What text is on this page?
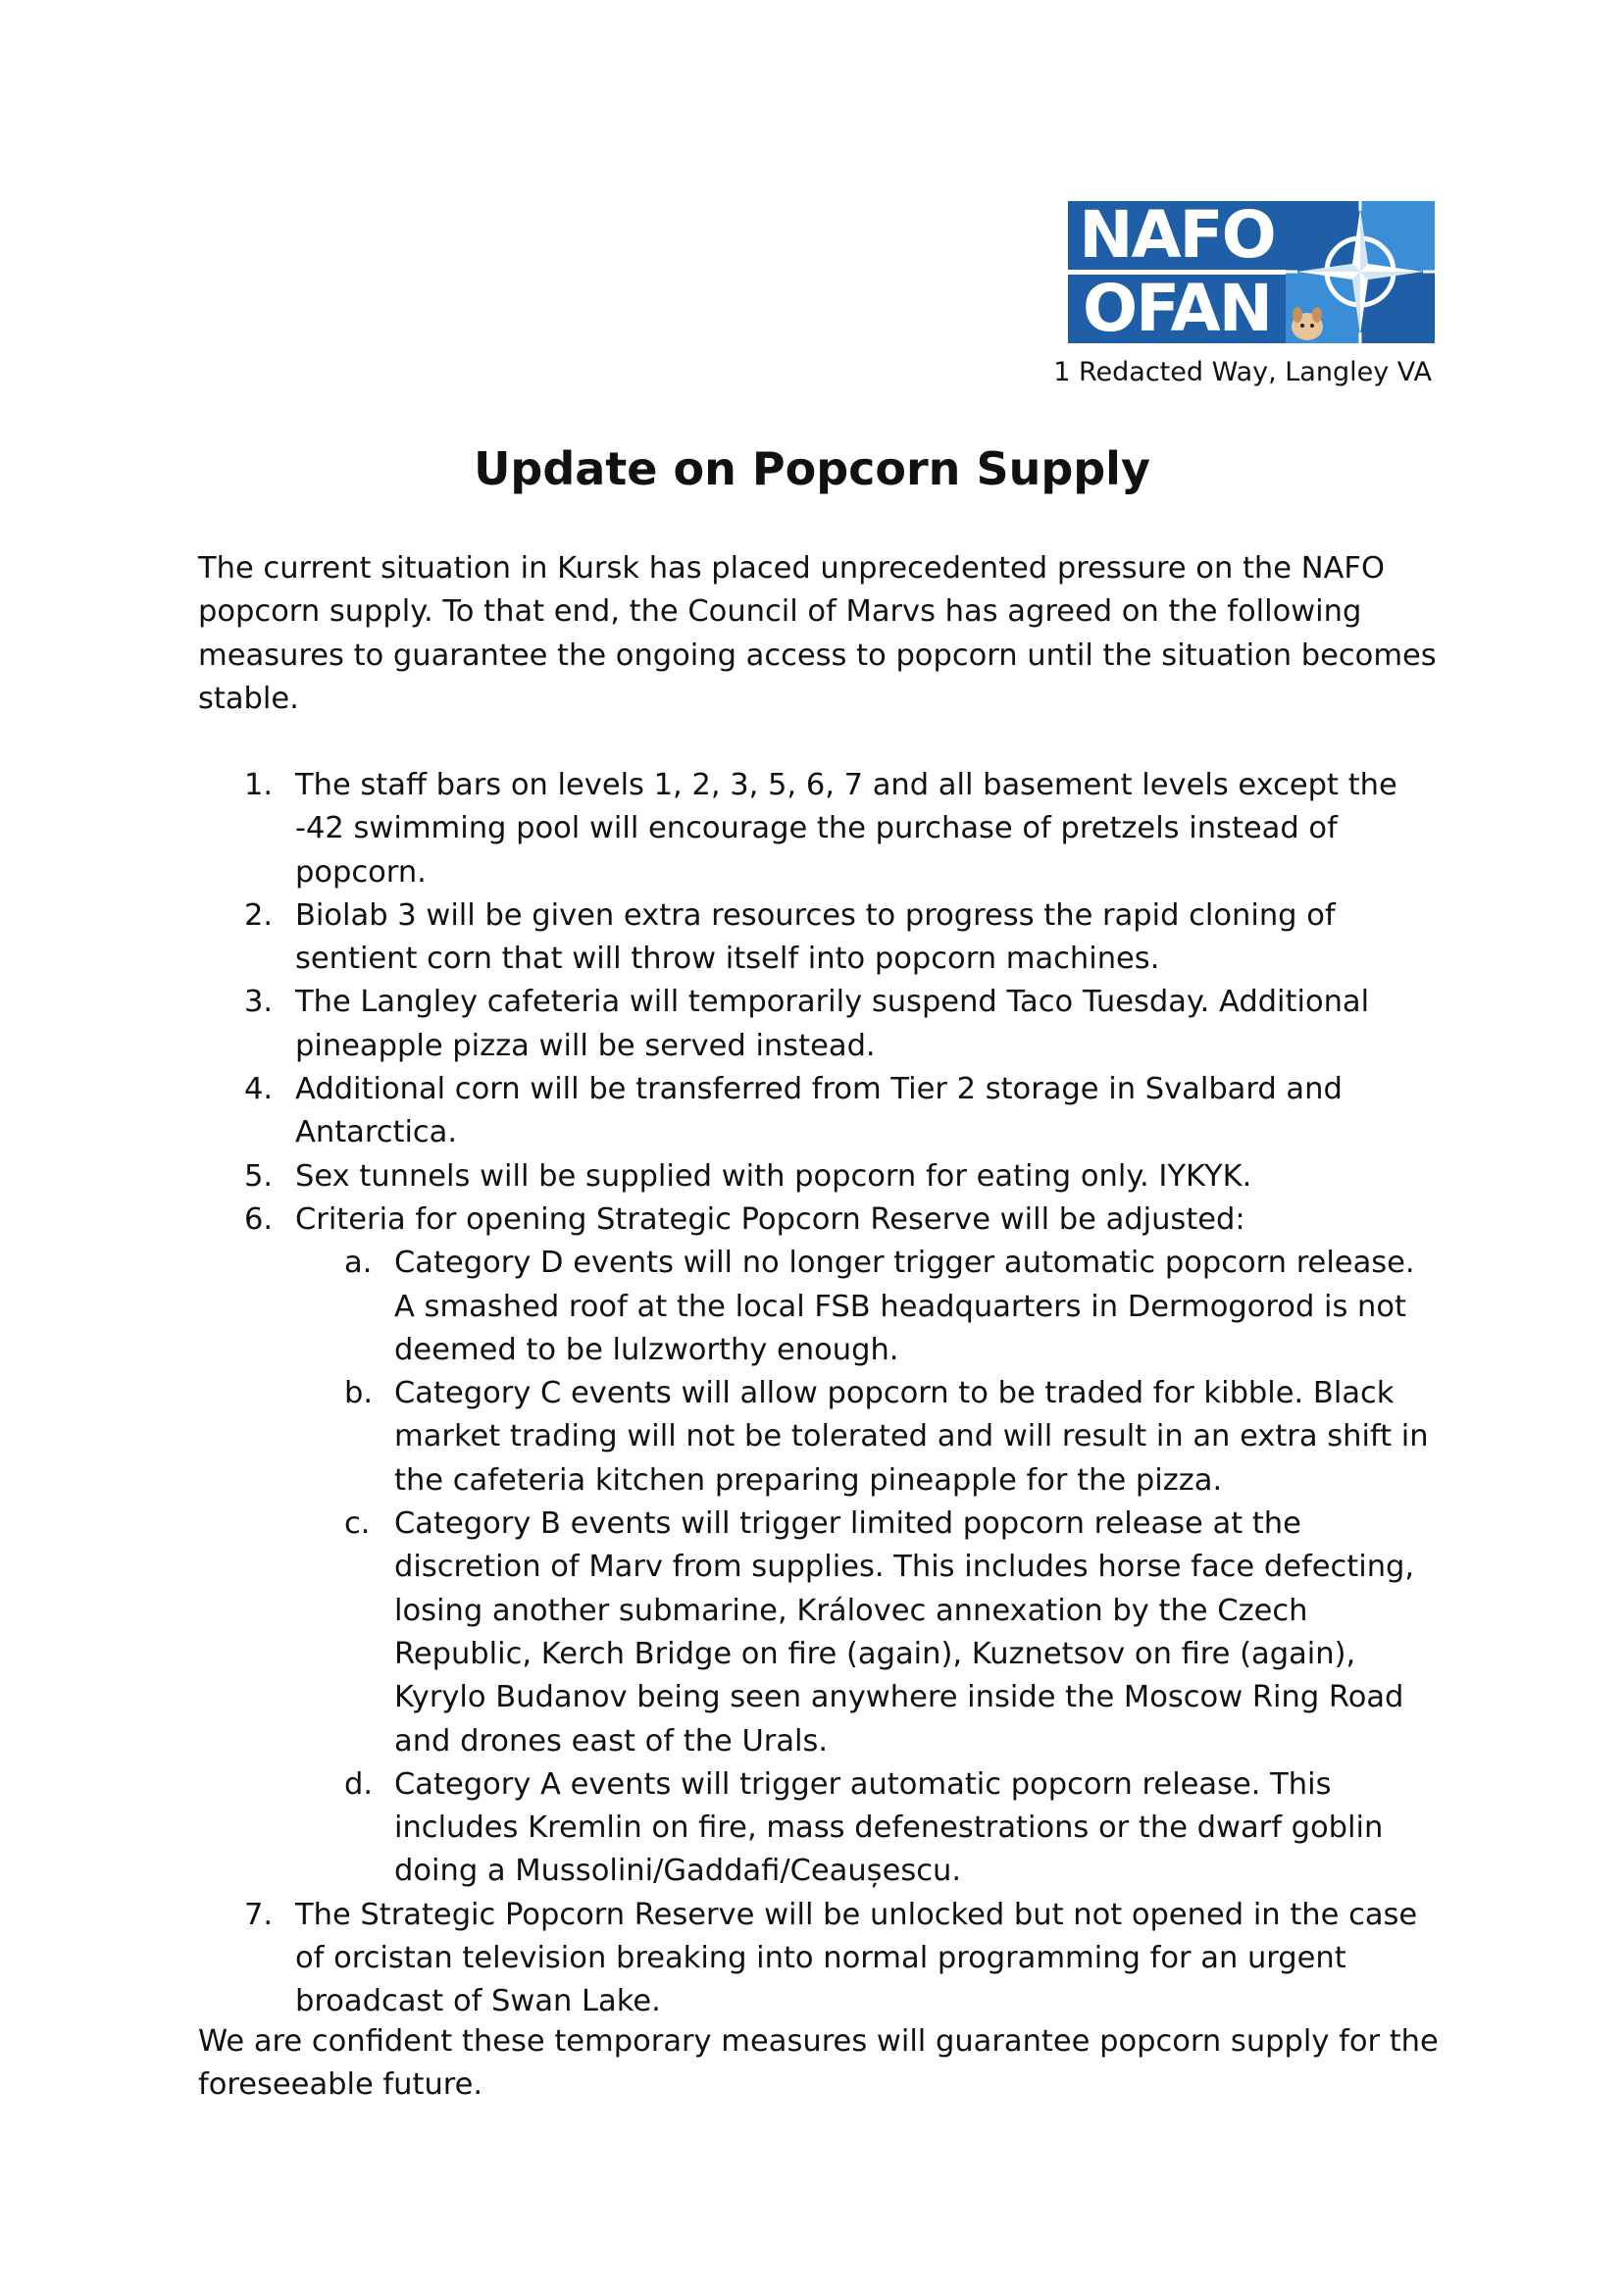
NAFO
OFAN
1 Redacted Way, Langley VA
Update on Popcorn Supply
The current situation in Kursk has placed unprecedented pressure on the NAFO popcorn supply. To that end, the Council of Marvs has agreed on the following measures to guarantee the ongoing access to popcorn until the situation becomes stable.
1. The staff bars on levels 1, 2, 3, 5, 6, 7 and all basement levels except the -42 swimming pool will encourage the purchase of pretzels instead of popcorn.
2. Biolab 3 will be given extra resources to progress the rapid cloning of sentient corn that will throw itself into popcorn machines.
3. The Langley cafeteria will temporarily suspend Taco Tuesday. Additional pineapple pizza will be served instead.
4. Additional corn will be transferred from Tier 2 storage in Svalbard and Antarctica.
5. Sex tunnels will be supplied with popcorn for eating only. IYKYK.
6. Criteria for opening Strategic Popcorn Reserve will be adjusted:
a. Category D events will no longer trigger automatic popcorn release. A smashed roof at the local FSB headquarters in Dermogorod is not deemed to be lulzworthy enough.
b. Category C events will allow popcorn to be traded for kibble. Black market trading will not be tolerated and will result in an extra shift in the cafeteria kitchen preparing pineapple for the pizza.
c. Category B events will trigger limited popcorn release at the discretion of Marv from supplies. This includes horse face defecting, losing another submarine, Královec annexation by the Czech Republic, Kerch Bridge on fire (again), Kuznetsov on fire (again), Kyrylo Budanov being seen anywhere inside the Moscow Ring Road and drones east of the Urals.
d. Category A events will trigger automatic popcorn release. This includes Kremlin on fire, mass defenestrations or the dwarf goblin doing a Mussolini/Gaddafi/Ceaușescu.
7. The Strategic Popcorn Reserve will be unlocked but not opened in the case of orcistan television breaking into normal programming for an urgent broadcast of Swan Lake.
We are confident these temporary measures will guarantee popcorn supply for the foreseeable future.
